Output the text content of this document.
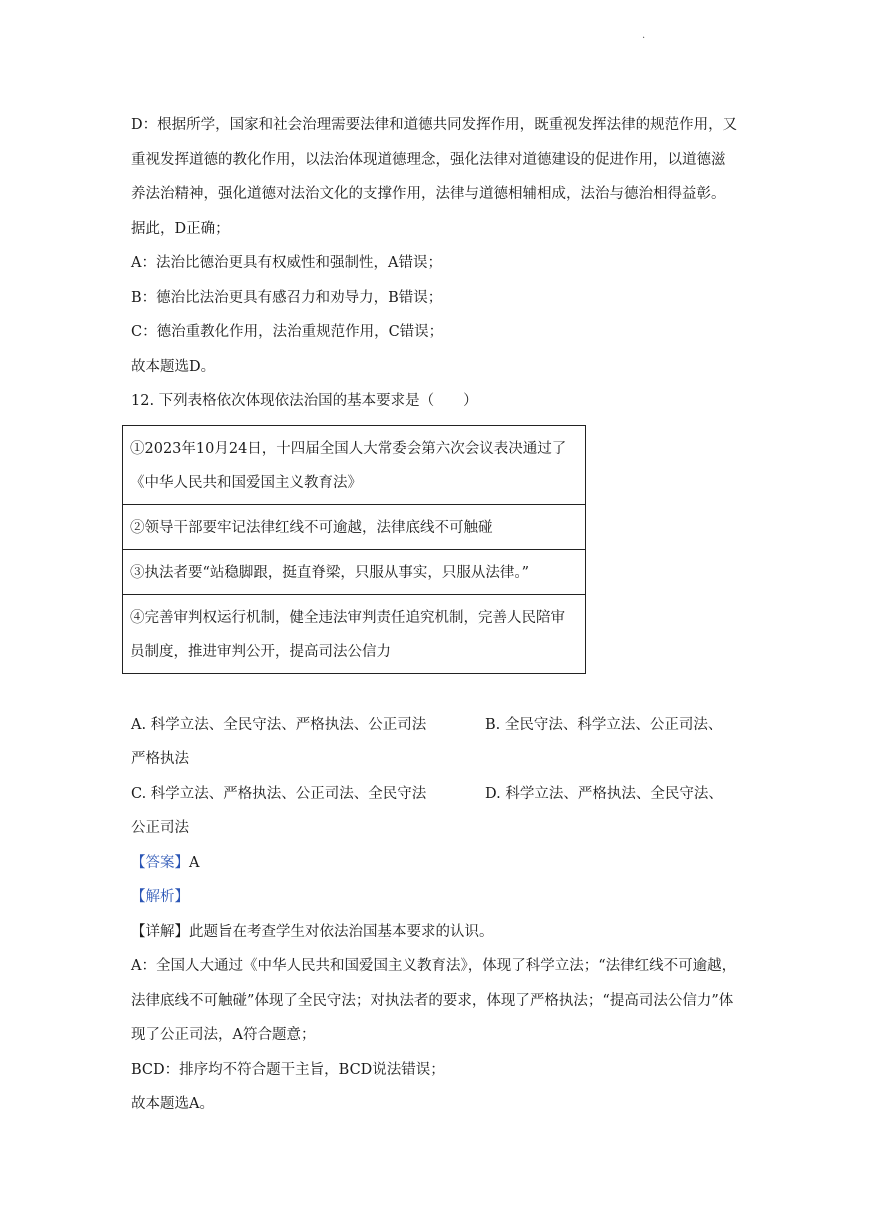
.

D：根据所学，国家和社会治理需要法律和道德共同发挥作用，既重视发挥法律的规范作用，又重视发挥道德的教化作用，以法治体现道德理念，强化法律对道德建设的促进作用，以道德滋养法治精神，强化道德对法治文化的支撑作用，法律与道德相辅相成，法治与德治相得益彰。据此，D正确；

A：法治比德治更具有权威性和强制性，A错误；

B：德治比法治更具有感召力和劝导力，B错误；

C：德治重教化作用，法治重规范作用，C错误；

故本题选D。

12. 下列表格依次体现依法治国的基本要求是（　　）

①2023年10月24日，十四届全国人大常委会第六次会议表决通过了《中华人民共和国爱国主义教育法》
②领导干部要牢记法律红线不可逾越，法律底线不可触碰
③执法者要“站稳脚跟，挺直脊梁，只服从事实，只服从法律。”
④完善审判权运行机制，健全违法审判责任追究机制，完善人民陪审员制度，推进审判公开，提高司法公信力
A. 科学立法、全民守法、严格执法、公正司法	B. 全民守法、科学立法、公正司法、
严格执法
C. 科学立法、严格执法、公正司法、全民守法	D. 科学立法、严格执法、全民守法、
公正司法

【答案】A

【解析】

【详解】此题旨在考查学生对依法治国基本要求的认识。

A：全国人大通过《中华人民共和国爱国主义教育法》，体现了科学立法；“法律红线不可逾越，法律底线不可触碰”体现了全民守法；对执法者的要求，体现了严格执法；“提高司法公信力”体现了公正司法，A符合题意；

BCD：排序均不符合题干主旨，BCD说法错误；

故本题选A。
